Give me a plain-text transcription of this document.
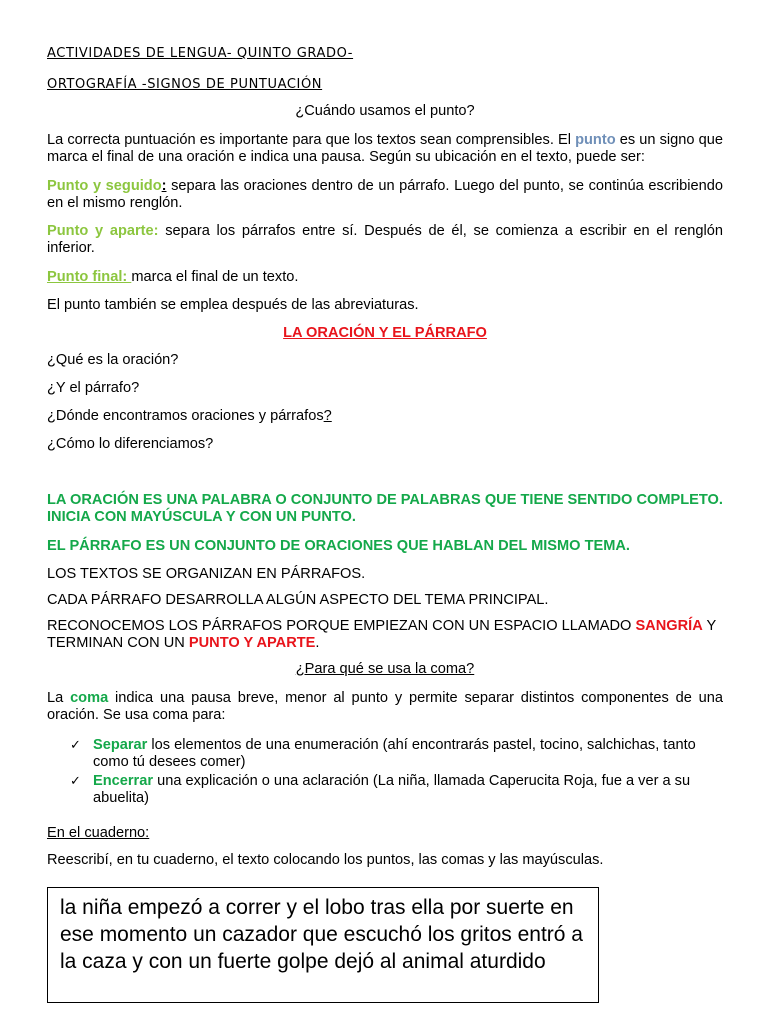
ACTIVIDADES DE LENGUA- QUINTO GRADO-

ORTOGRAFÍA -SIGNOS DE PUNTUACIÓN

¿Cuándo usamos el punto?

La correcta puntuación es importante para que los textos sean comprensibles. El punto es un signo que marca el final de una oración e indica una pausa. Según su ubicación en el texto, puede ser:

Punto y seguido: separa las oraciones dentro de un párrafo. Luego del punto, se continúa escribiendo en el mismo renglón.

Punto y aparte: separa los párrafos entre sí. Después de él, se comienza a escribir en el renglón inferior.

Punto final: marca el final de un texto.

El punto también se emplea después de las abreviaturas.

LA ORACIÓN Y EL PÁRRAFO

¿Qué es la oración?

¿Y el párrafo?

¿Dónde encontramos oraciones y párrafos?

¿Cómo lo diferenciamos?

LA ORACIÓN ES UNA PALABRA O CONJUNTO DE PALABRAS QUE TIENE SENTIDO COMPLETO. INICIA CON MAYÚSCULA Y CON UN PUNTO.

EL PÁRRAFO ES UN CONJUNTO DE ORACIONES QUE HABLAN DEL MISMO TEMA.

LOS TEXTOS SE ORGANIZAN EN PÁRRAFOS.

CADA PÁRRAFO DESARROLLA ALGÚN ASPECTO DEL TEMA PRINCIPAL.

RECONOCEMOS LOS PÁRRAFOS PORQUE EMPIEZAN CON UN ESPACIO LLAMADO SANGRÍA Y TERMINAN CON UN PUNTO Y APARTE.

¿Para qué se usa la coma?

La coma indica una pausa breve, menor al punto y permite separar distintos componentes de una oración. Se usa coma para:

✓ Separar los elementos de una enumeración (ahí encontrarás pastel, tocino, salchichas, tanto como tú desees comer)
✓ Encerrar una explicación o una aclaración (La niña, llamada Caperucita Roja, fue a ver a su abuelita)

En el cuaderno:

Reescribí, en tu cuaderno, el texto colocando los puntos, las comas y las mayúsculas.

la niña empezó a correr y el lobo tras ella por suerte en ese momento un cazador que escuchó los gritos entró a la caza y con un fuerte golpe dejó al animal aturdido
